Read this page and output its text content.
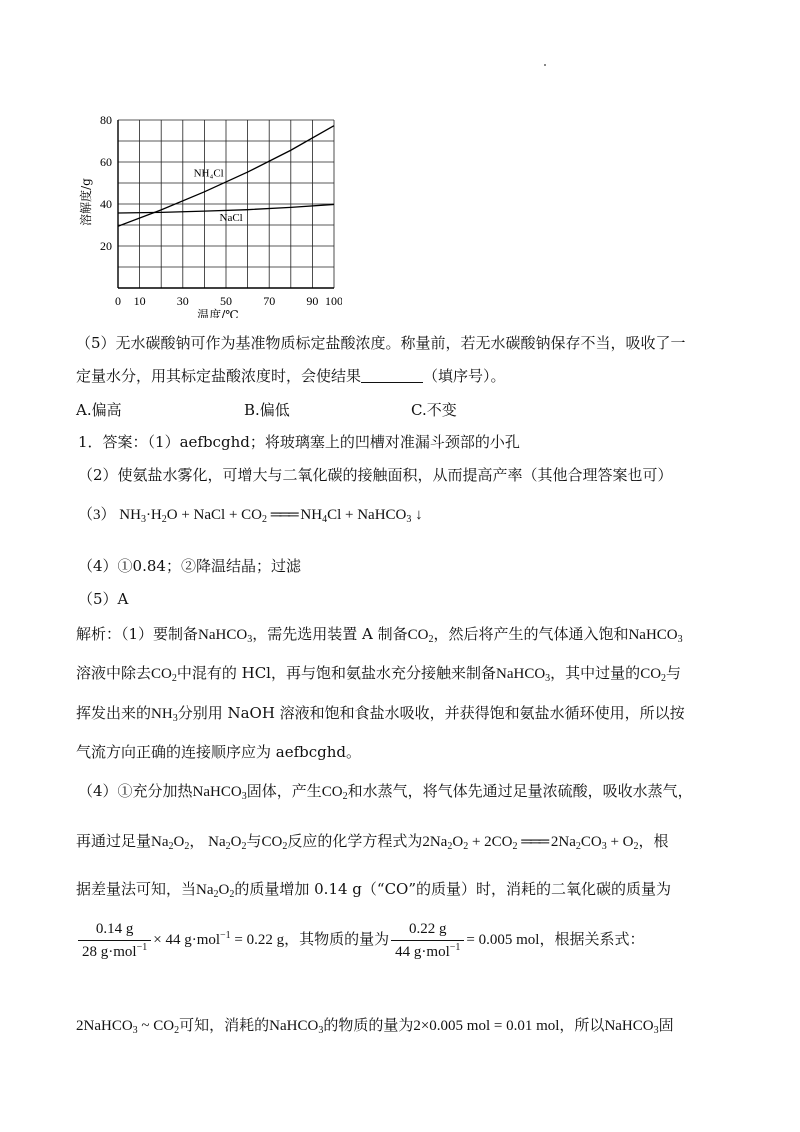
20
40
60
80
0 10	30	50	70	90 100
温度/℃
溶解度/g
NH₄Cl
NaCl
（5）无水碳酸钠可作为基准物质标定盐酸浓度。称量前，若无水碳酸钠保存不当，吸收了一
定量水分，用其标定盐酸浓度时，会使结果	（填序号）。
A.偏高	B.偏低	C.不变
1．答案：（1）aefbcghd；将玻璃塞上的凹槽对准漏斗颈部的小孔
（2）使氨盐水雾化，可增大与二氧化碳的接触面积，从而提高产率（其他合理答案也可）
（3） $NH_3\cdot H_2O$ + NaCl + $CO_2$ ═══ $NH_4Cl$ + NaHCO$_3$ ↓
（4）①0.84；②降温结晶；过滤
（5）A
解析：（1）要制备NaHCO$_3$，需先选用装置 A 制备$CO_2$，然后将产生的气体通入饱和NaHCO$_3$
溶液中除去$CO_2$中混有的 HCl，再与饱和氨盐水充分接触来制备NaHCO$_3$，其中过量的$CO_2$与
挥发出来的$NH_3$分别用 NaOH 溶液和饱和食盐水吸收，并获得饱和氨盐水循环使用，所以按
气流方向正确的连接顺序应为 aefbcghd。
（4）①充分加热NaHCO$_3$固体，产生$CO_2$和水蒸气，将气体先通过足量浓硫酸，吸收水蒸气，
再通过足量$Na_2O_2$， $Na_2O_2$与$CO_2$反应的化学方程式为$2Na_2O_2 + 2CO_2$ ═══ $2Na_2CO_3 + O_2$，根
据差量法可知，当$Na_2O_2$的质量增加 0.14 g（“CO”的质量）时，消耗的二氧化碳的质量为
$\frac{0.14 g}{28 g\cdot mol^{-1}} \times 44$ g·mol$^{-1}$ = 0.22 g，其物质的量为 $\frac{0.22 g}{44 g\cdot mol^{-1}} = 0.005$ mol，根据关系式：
2NaHCO$_3$ ~ $CO_2$可知，消耗的NaHCO$_3$的物质的量为2×0.005 mol = 0.01 mol，所以NaHCO$_3$固
